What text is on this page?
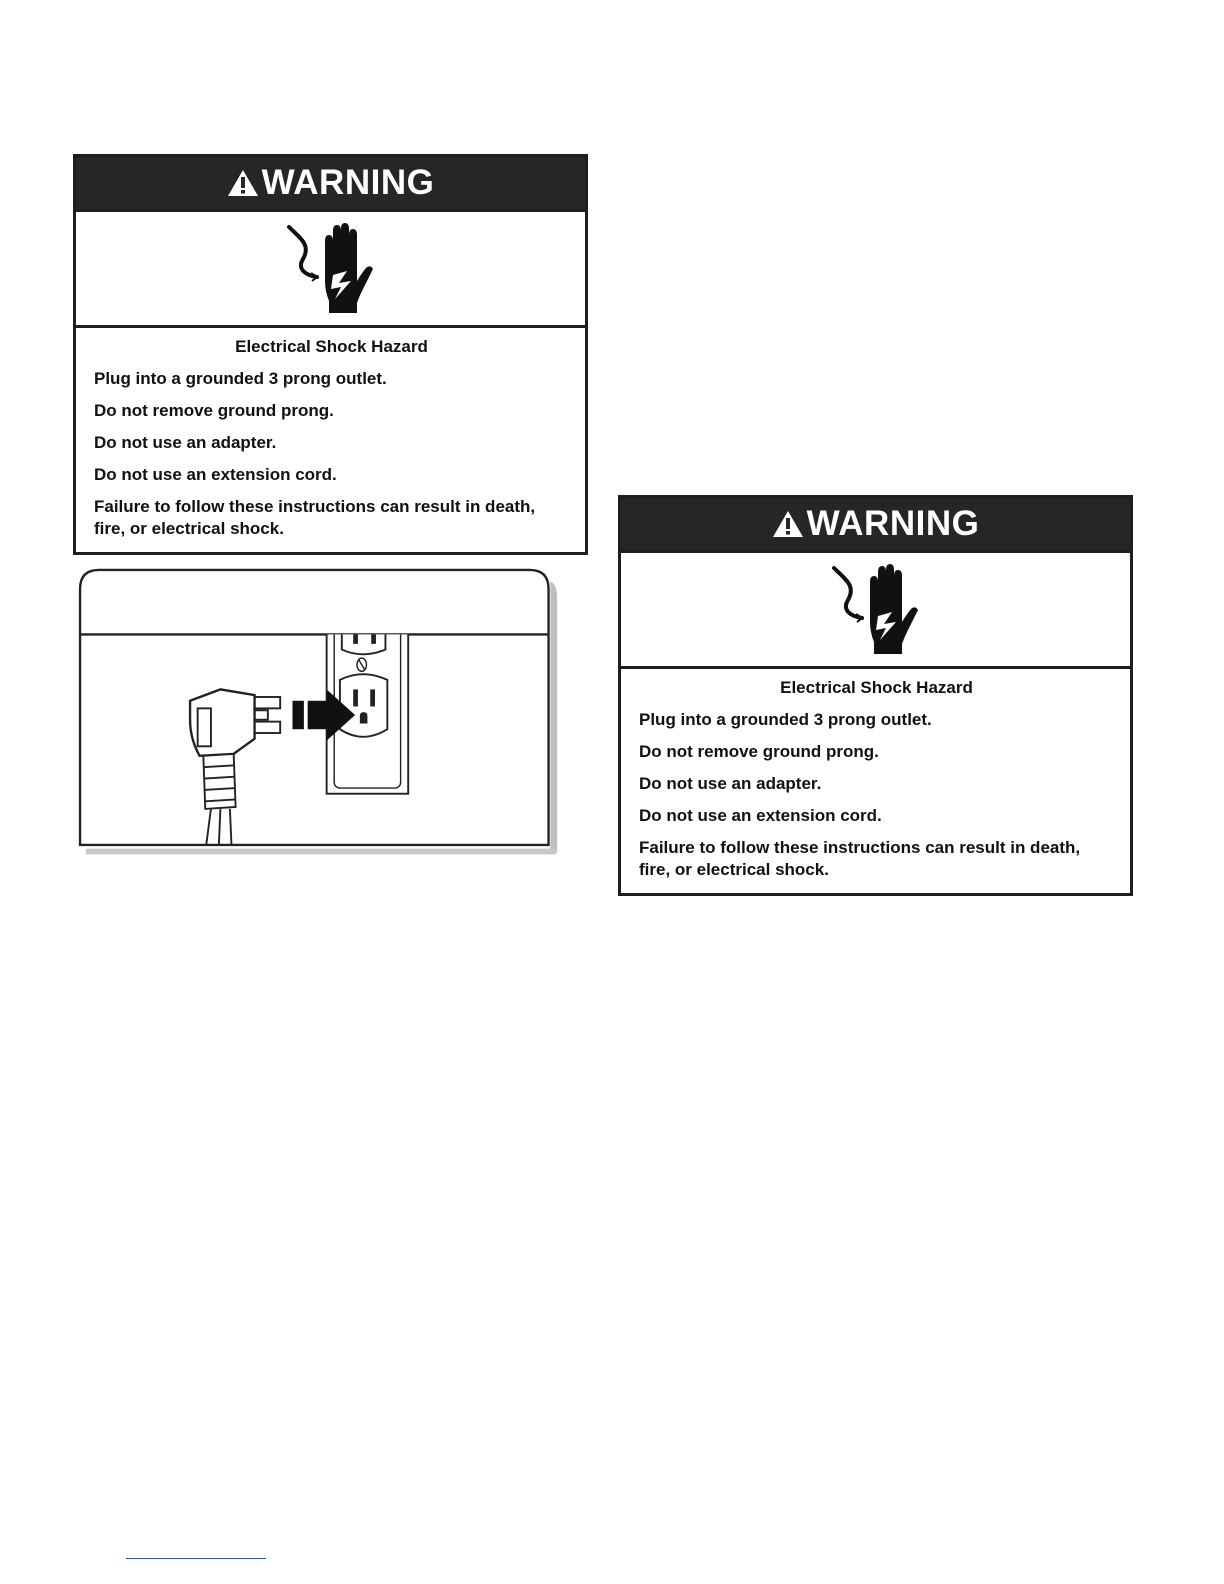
WARNING

Electrical Shock Hazard

Plug into a grounded 3 prong outlet.

Do not remove ground prong.

Do not use an adapter.

Do not use an extension cord.

Failure to follow these instructions can result in death, fire, or electrical shock.	WARNING

Electrical Shock Hazard

Plug into a grounded 3 prong outlet.

Do not remove ground prong.

Do not use an adapter.

Do not use an extension cord.

Failure to follow these instructions can result in death, fire, or electrical shock.
